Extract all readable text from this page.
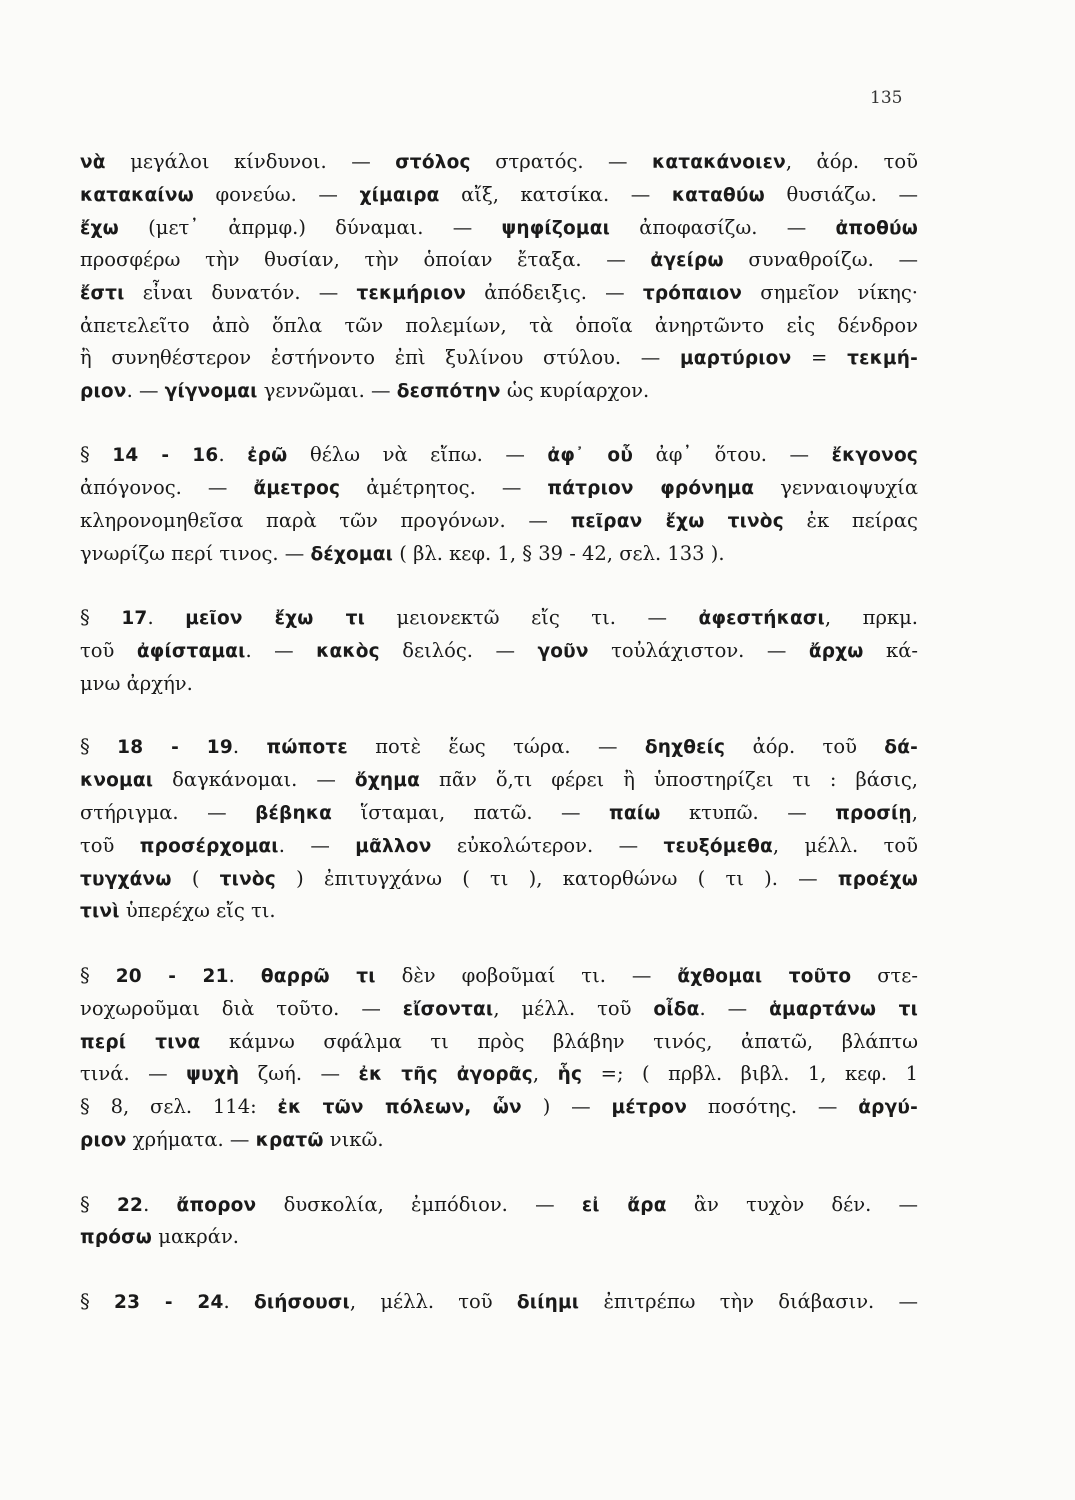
135
νὰ μεγάλοι κίνδυνοι. — στόλος στρατός. — κατακάνοιεν, ἀόρ. τοῦ
κατακαίνω φονεύω. — χίμαιρα αἴξ, κατσίκα. — καταθύω θυσιάζω. —
ἔχω (μετ᾿ ἀπρμφ.) δύναμαι. — ψηφίζομαι ἀποφασίζω. — ἀποθύω
προσφέρω τὴν θυσίαν, τὴν ὁποίαν ἔταξα. — ἀγείρω συναθροίζω. —
ἔστι εἶναι δυνατόν. — τεκμήριον ἀπόδειξις. — τρόπαιον σημεῖον νίκης·
ἀπετελεῖτο ἀπὸ ὅπλα τῶν πολεμίων, τὰ ὁποῖα ἀνηρτῶντο εἰς δένδρον
ἢ συνηθέστερον ἐστήνοντο ἐπὶ ξυλίνου στύλου. — μαρτύριον = τεκμή-
ριον. — γίγνομαι γεννῶμαι. — δεσπότην ὡς κυρίαρχον.
§ 14 - 16. ἐρῶ θέλω νὰ εἴπω. — ἀφ᾿ οὗ ἀφ᾿ ὅτου. — ἔκγονος
ἀπόγονος. — ἄμετρος ἀμέτρητος. — πάτριον φρόνημα γενναιοψυχία
κληρονομηθεῖσα παρὰ τῶν προγόνων. — πεῖραν ἔχω τινὸς ἐκ πείρας
γνωρίζω περί τινος. — δέχομαι ( βλ. κεφ. 1, § 39 - 42, σελ. 133 ).
§ 17. μεῖον ἔχω τι μειονεκτῶ εἴς τι. — ἀφεστήκασι, πρκμ.
τοῦ ἀφίσταμαι. — κακὸς δειλός. — γοῦν τοὐλάχιστον. — ἄρχω κά-
μνω ἀρχήν.
§ 18 - 19. πώποτε ποτὲ ἕως τώρα. — δηχθείς ἀόρ. τοῦ δά-
κνομαι δαγκάνομαι. — ὄχημα πᾶν ὅ,τι φέρει ἢ ὑποστηρίζει τι : βάσις,
στήριγμα. — βέβηκα ἵσταμαι, πατῶ. — παίω κτυπῶ. — προσίῃ,
τοῦ προσέρχομαι. — μᾶλλον εὐκολώτερον. — τευξόμεθα, μέλλ. τοῦ
τυγχάνω ( τινὸς ) ἐπιτυγχάνω ( τι ), κατορθώνω ( τι ). — προέχω
τινὶ ὑπερέχω εἴς τι.
§ 20 - 21. θαρρῶ τι δὲν φοβοῦμαί τι. — ἄχθομαι τοῦτο στε-
νοχωροῦμαι διὰ τοῦτο. — εἴσονται, μέλλ. τοῦ οἶδα. — ἁμαρτάνω τι
περί τινα κάμνω σφάλμα τι πρὸς βλάβην τινός, ἀπατῶ, βλάπτω
τινά. — ψυχὴ ζωή. — ἐκ τῆς ἀγορᾶς, ἧς =; ( πρβλ. βιβλ. 1, κεφ. 1
§ 8, σελ. 114: ἐκ τῶν πόλεων, ὧν ) — μέτρον ποσότης. — ἀργύ-
ριον χρήματα. — κρατῶ νικῶ.
§ 22. ἄπορον δυσκολία, ἐμπόδιον. — εἰ ἄρα ἂν τυχὸν δέν. —
πρόσω μακράν.
§ 23 - 24. διήσουσι, μέλλ. τοῦ διίημι ἐπιτρέπω τὴν διάβασιν. —
